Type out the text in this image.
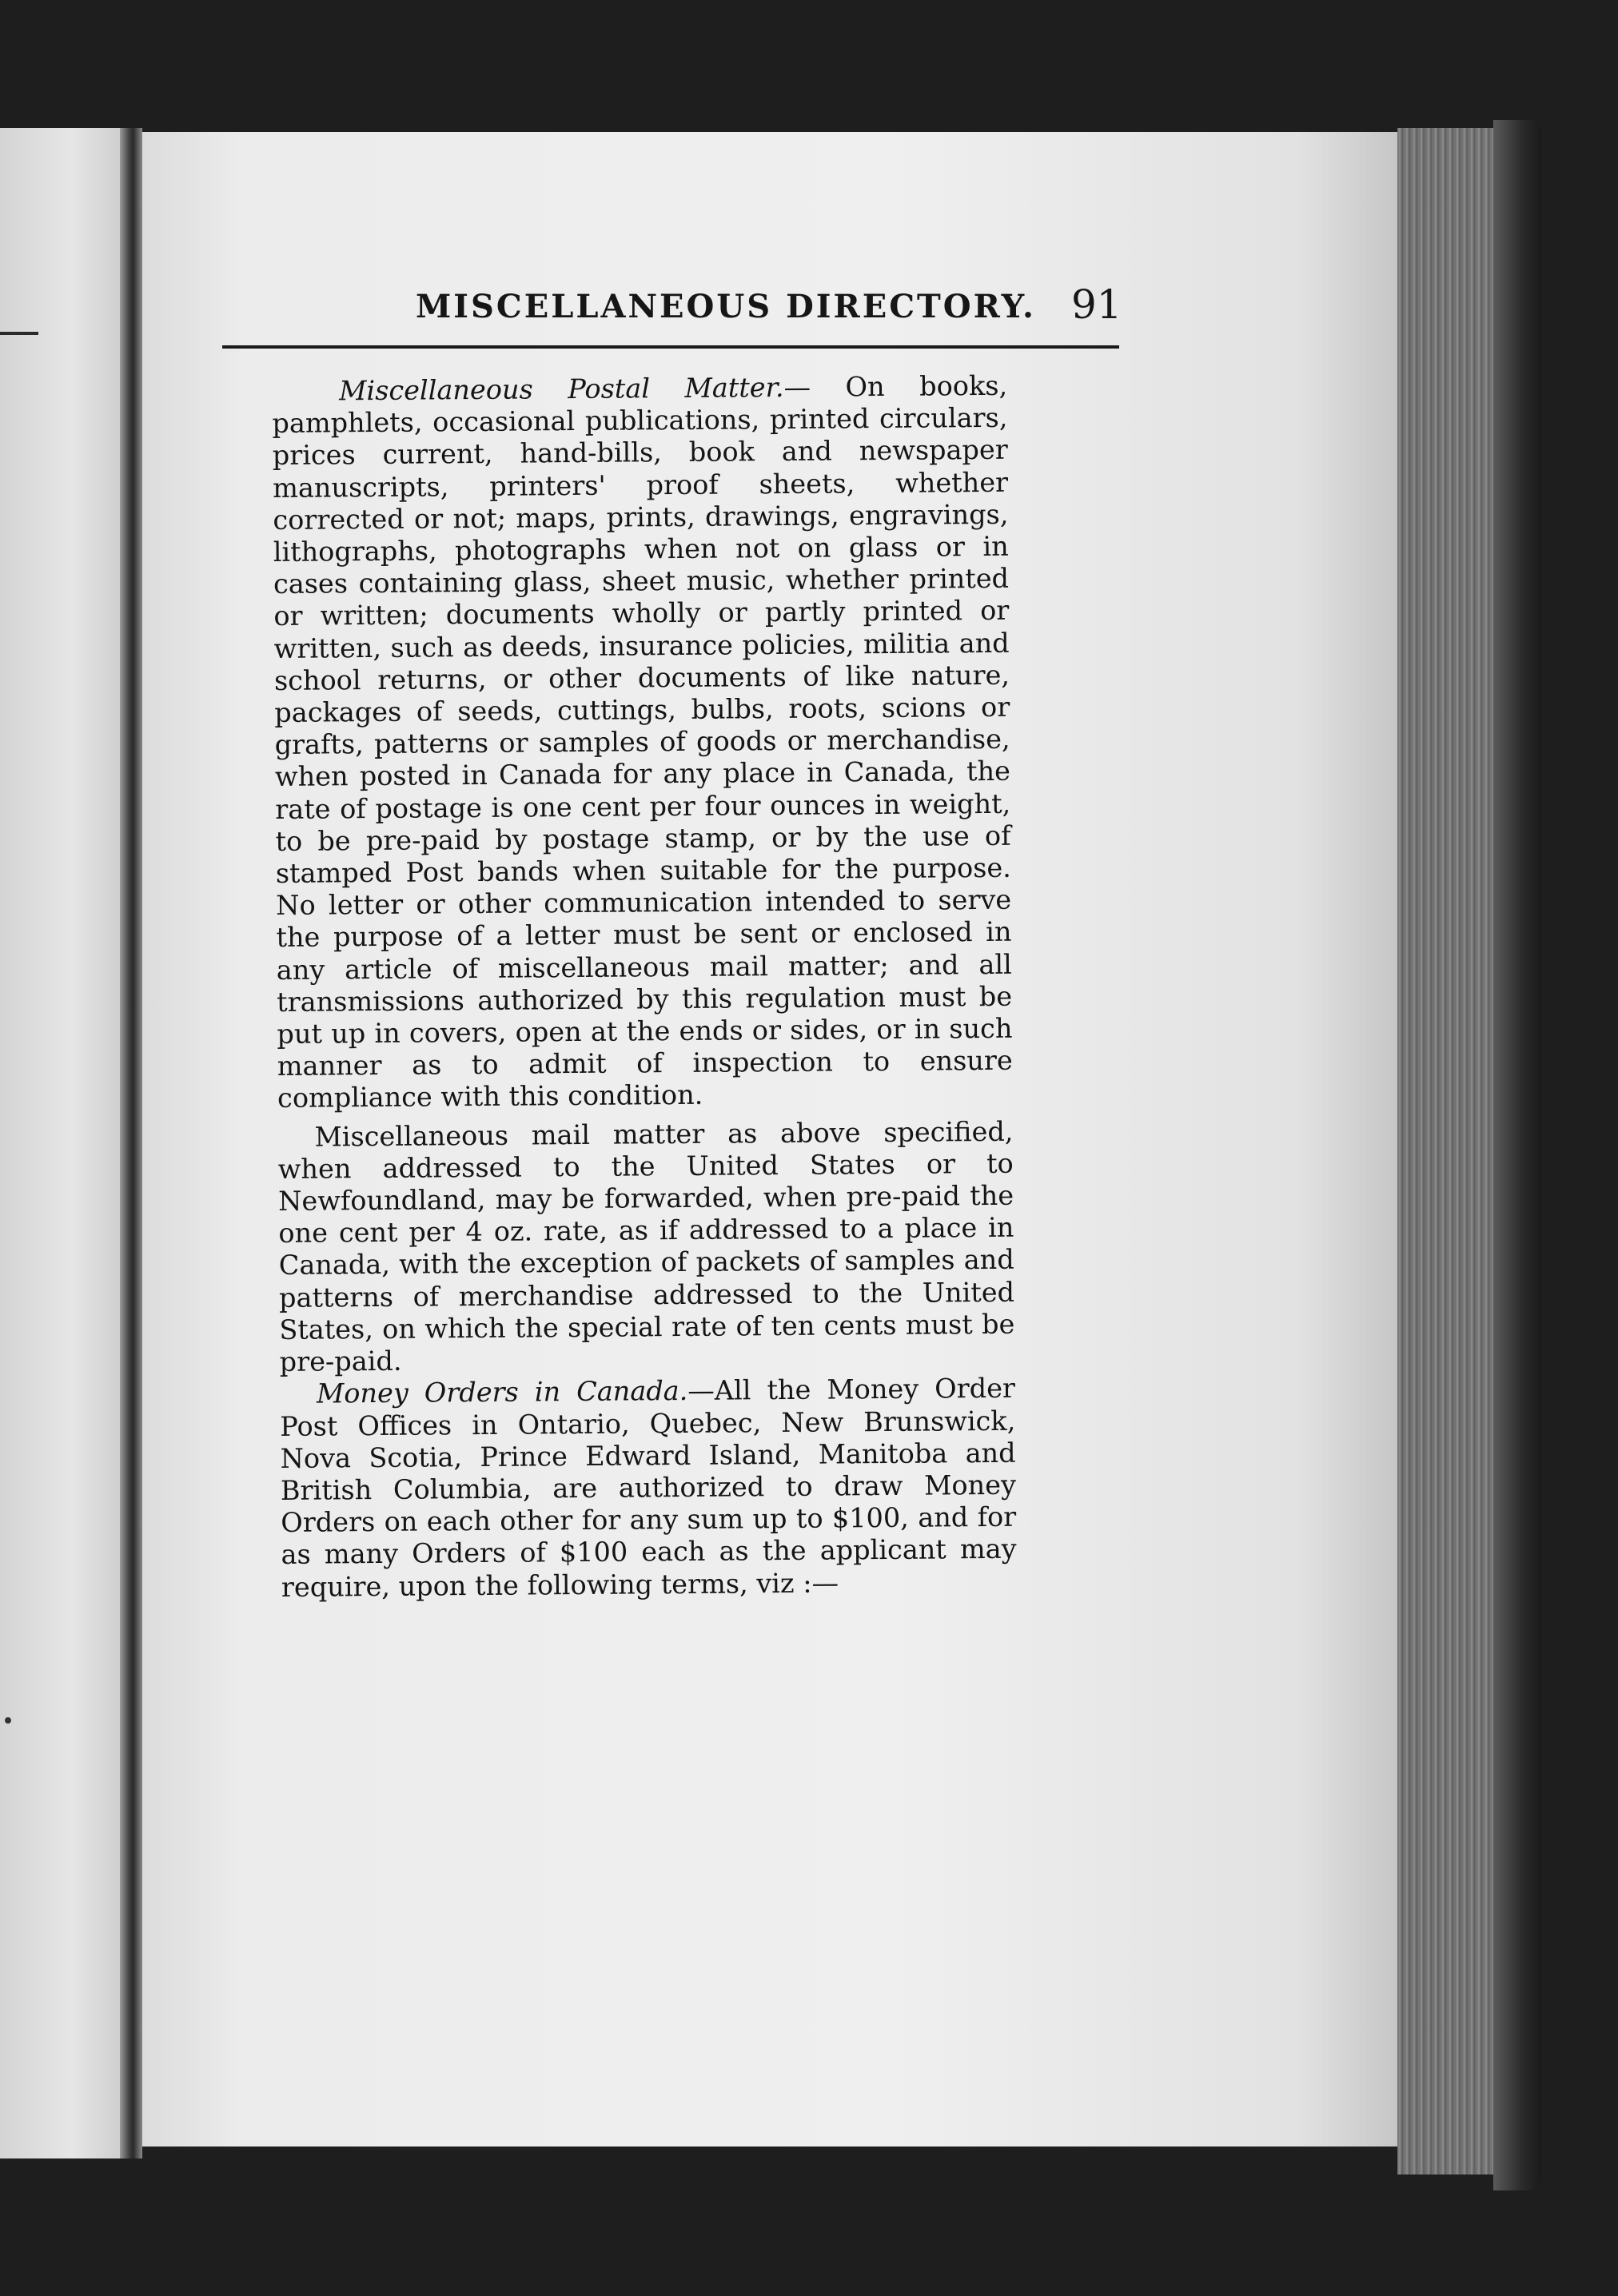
MISCELLANEOUS DIRECTORY. 91

Miscellaneous Postal Matter.— On books, pamphlets, occasional publications, printed circulars, prices current, hand-bills, book and newspaper manuscripts, printers' proof sheets, whether corrected or not; maps, prints, drawings, engravings, lithographs, photographs when not on glass or in cases containing glass, sheet music, whether printed or written; documents wholly or partly printed or written, such as deeds, insurance policies, militia and school returns, or other documents of like nature, packages of seeds, cuttings, bulbs, roots, scions or grafts, patterns or samples of goods or merchandise, when posted in Canada for any place in Canada, the rate of postage is one cent per four ounces in weight, to be pre-paid by postage stamp, or by the use of stamped Post bands when suitable for the purpose. No letter or other communication intended to serve the purpose of a letter must be sent or enclosed in any article of miscellaneous mail matter; and all transmissions authorized by this regulation must be put up in covers, open at the ends or sides, or in such manner as to admit of inspection to ensure compliance with this condition.

Miscellaneous mail matter as above specified, when addressed to the United States or to Newfoundland, may be forwarded, when pre-paid the one cent per 4 oz. rate, as if addressed to a place in Canada, with the exception of packets of samples and patterns of merchandise addressed to the United States, on which the special rate of ten cents must be pre-paid.

Money Orders in Canada.—All the Money Order Post Offices in Ontario, Quebec, New Brunswick, Nova Scotia, Prince Edward Island, Manitoba and British Columbia, are authorized to draw Money Orders on each other for any sum up to $100, and for as many Orders of $100 each as the applicant may require, upon the following terms, viz :—
